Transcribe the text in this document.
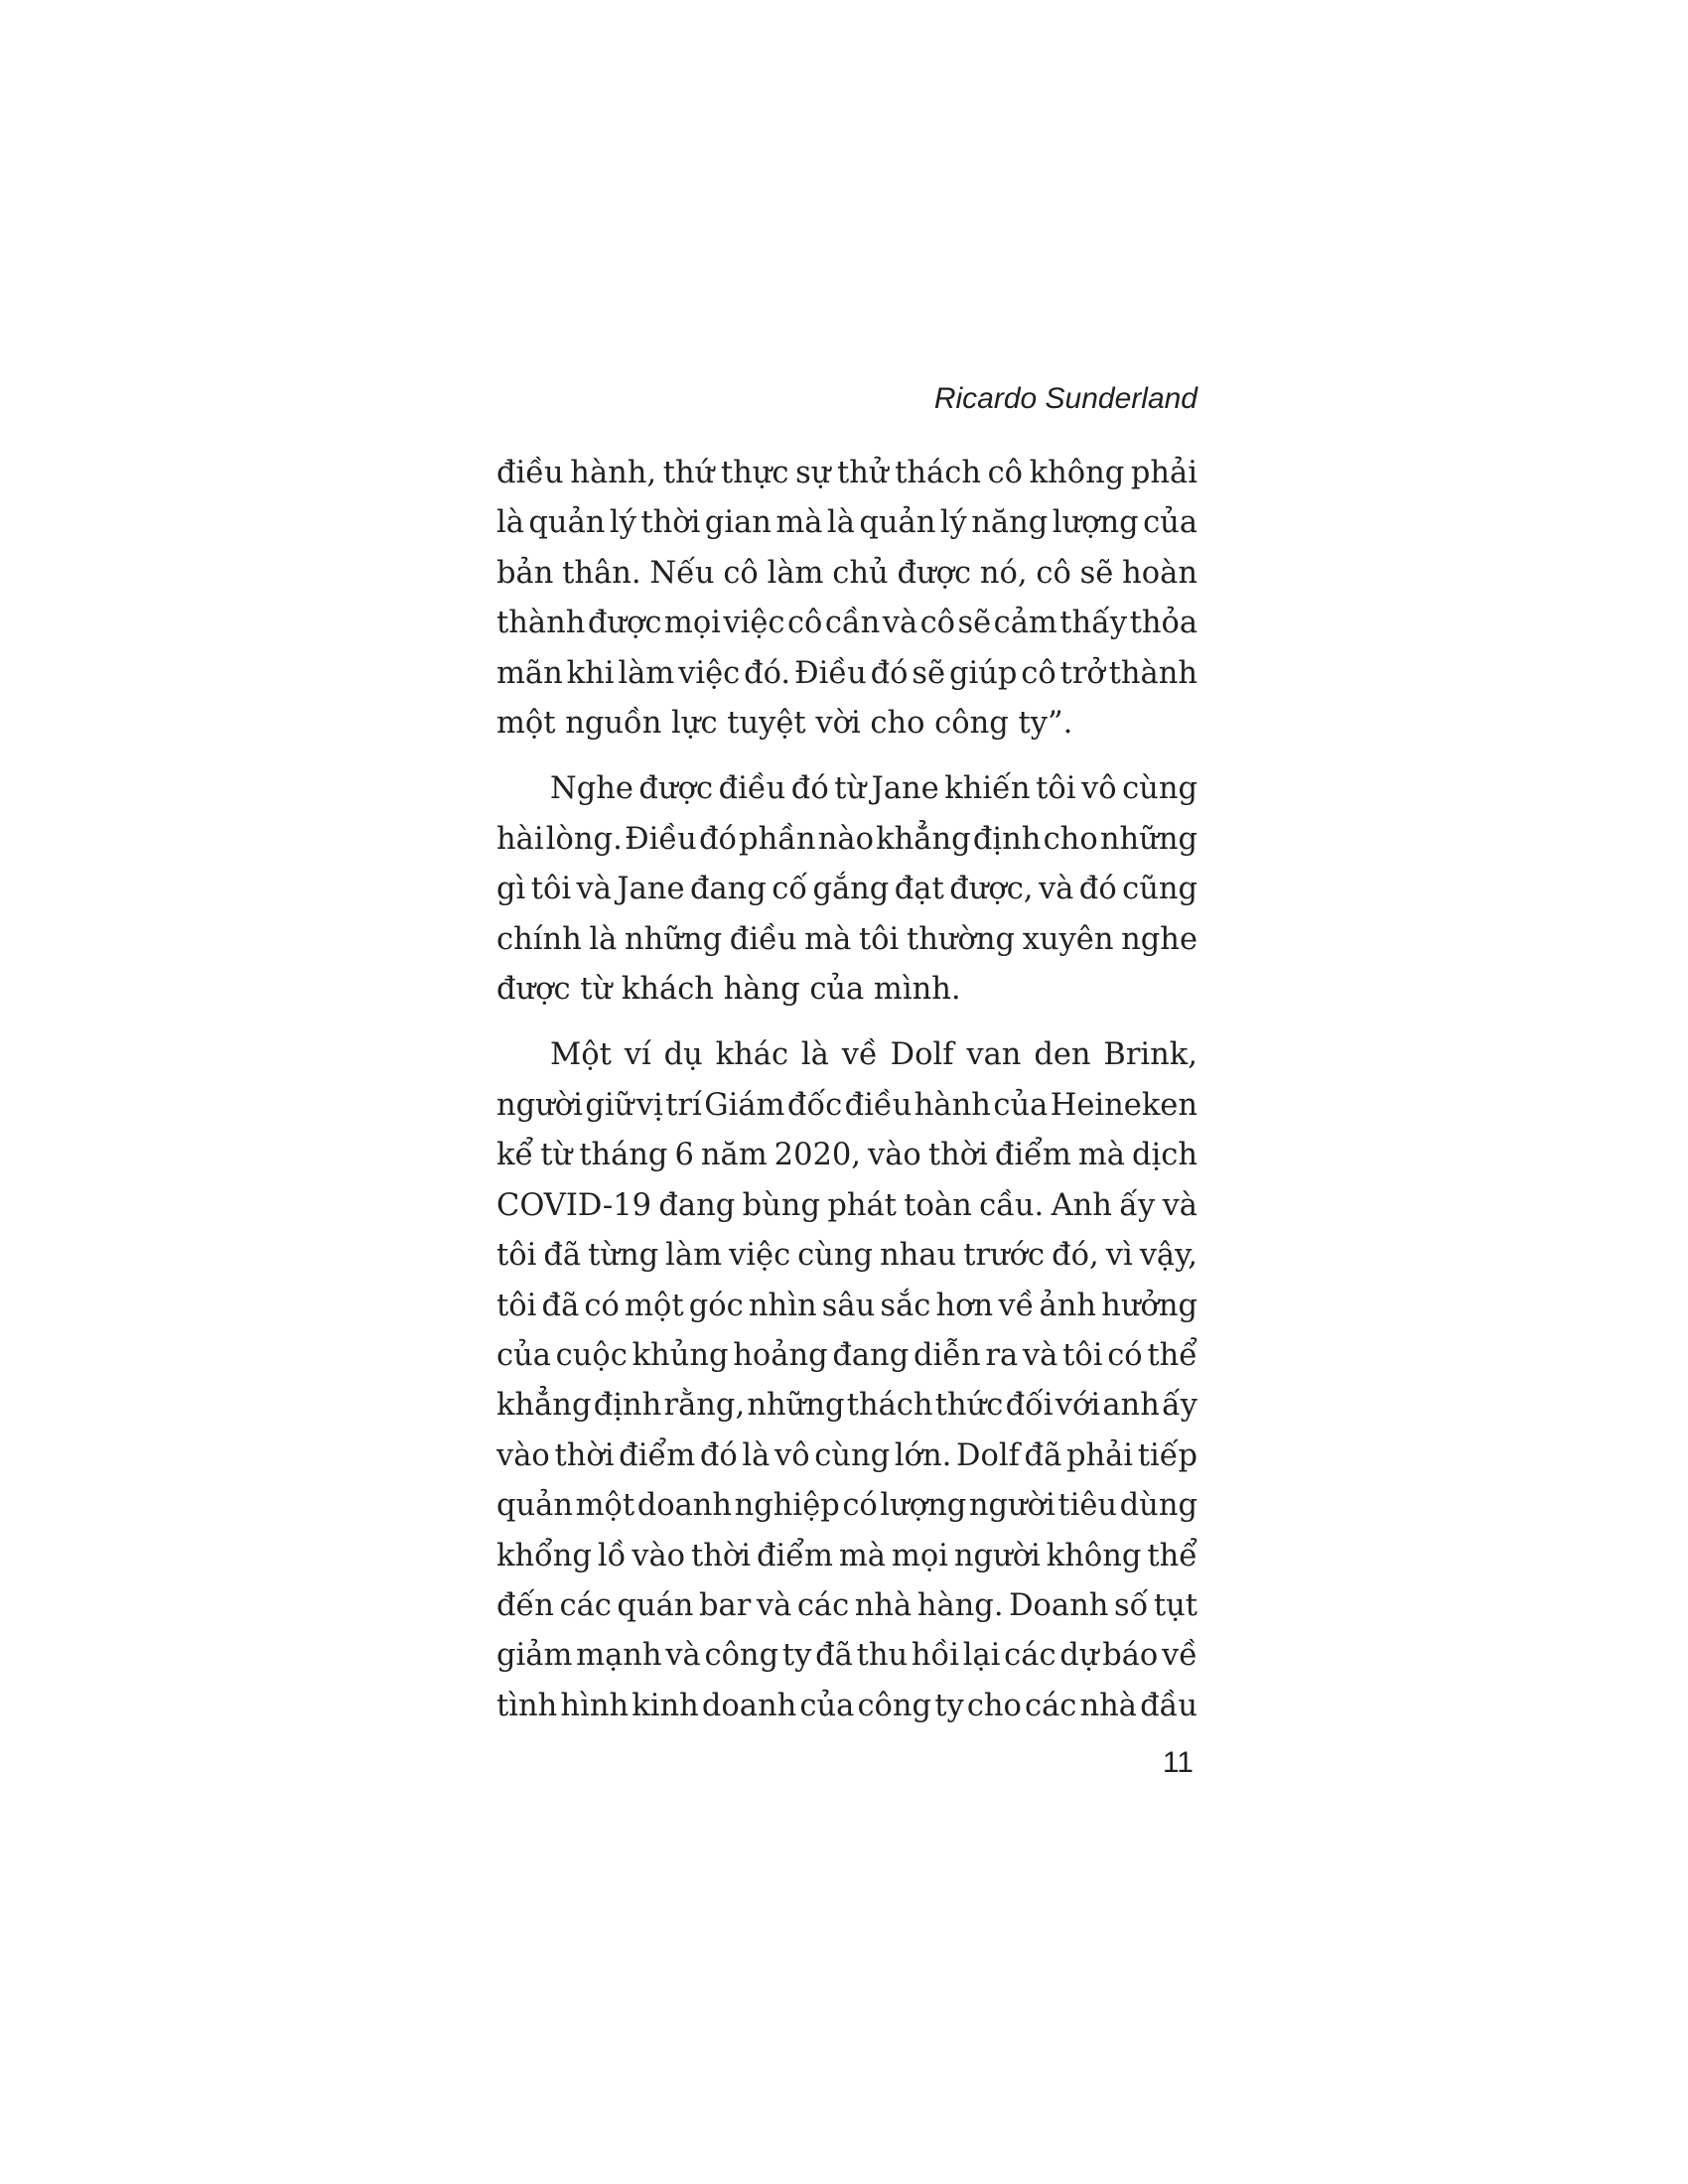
Ricardo Sunderland

điều hành, thứ thực sự thử thách cô không phải
là quản lý thời gian mà là quản lý năng lượng của
bản thân. Nếu cô làm chủ được nó, cô sẽ hoàn
thành được mọi việc cô cần và cô sẽ cảm thấy thỏa
mãn khi làm việc đó. Điều đó sẽ giúp cô trở thành
một nguồn lực tuyệt vời cho công ty”.

Nghe được điều đó từ Jane khiến tôi vô cùng
hài lòng. Điều đó phần nào khẳng định cho những
gì tôi và Jane đang cố gắng đạt được, và đó cũng
chính là những điều mà tôi thường xuyên nghe
được từ khách hàng của mình.

Một ví dụ khác là về Dolf van den Brink,
người giữ vị trí Giám đốc điều hành của Heineken
kể từ tháng 6 năm 2020, vào thời điểm mà dịch
COVID-19 đang bùng phát toàn cầu. Anh ấy và
tôi đã từng làm việc cùng nhau trước đó, vì vậy,
tôi đã có một góc nhìn sâu sắc hơn về ảnh hưởng
của cuộc khủng hoảng đang diễn ra và tôi có thể
khẳng định rằng, những thách thức đối với anh ấy
vào thời điểm đó là vô cùng lớn. Dolf đã phải tiếp
quản một doanh nghiệp có lượng người tiêu dùng
khổng lồ vào thời điểm mà mọi người không thể
đến các quán bar và các nhà hàng. Doanh số tụt
giảm mạnh và công ty đã thu hồi lại các dự báo về
tình hình kinh doanh của công ty cho các nhà đầu

11
